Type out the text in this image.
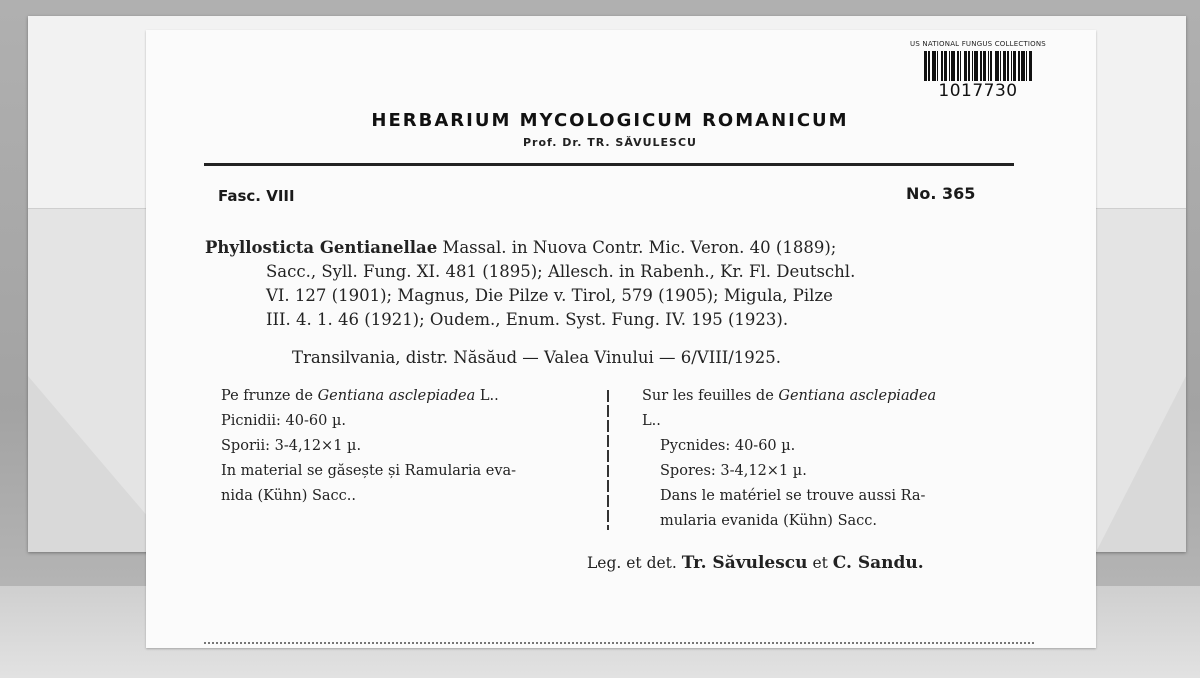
US NATIONAL FUNGUS COLLECTIONS
1017730
HERBARIUM MYCOLOGICUM ROMANICUM
Prof. Dr. TR. SĂVULESCU
Fasc. VIII	No. 365
Phyllosticta Gentianellae Massal. in Nuova Contr. Mic. Veron. 40 (1889);
Sacc., Syll. Fung. XI. 481 (1895); Allesch. in Rabenh., Kr. Fl. Deutschl.
VI. 127 (1901); Magnus, Die Pilze v. Tirol, 579 (1905); Migula, Pilze
III. 4. 1. 46 (1921); Oudem., Enum. Syst. Fung. IV. 195 (1923).
Transilvania, distr. Năsăud — Valea Vinului — 6/VIII/1925.
Pe frunze de Gentiana asclepiadea L..
Picnidii: 40-60 µ.
Sporii: 3-4,12×1 µ.
In material se găsește și Ramularia eva-
nida (Kühn) Sacc..
Sur les feuilles de Gentiana asclepiadea
L..
Pycnides: 40-60 µ.
Spores: 3-4,12×1 µ.
Dans le matériel se trouve aussi Ra-
mularia evanida (Kühn) Sacc.
Leg. et det. Tr. Săvulescu et C. Sandu.
